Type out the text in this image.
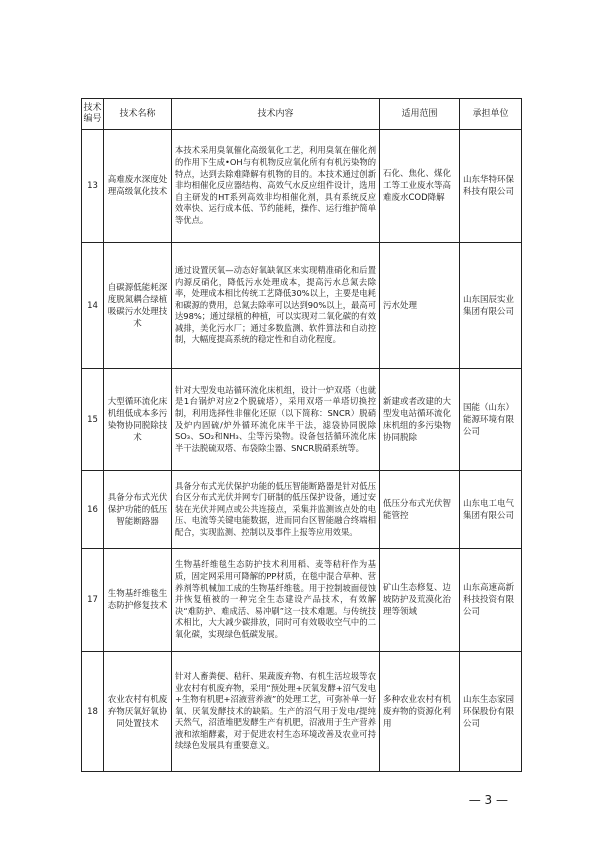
技术编号	技术名称	技术内容	适用范围	承担单位
13	高难废水深度处理高级氧化技术	本技术采用臭氧催化高级氧化工艺，利用臭氧在催化剂的作用下生成•OH与有机物反应氧化所有有机污染物的特点，达到去除难降解有机物的目的。本技术通过创新非均相催化反应器结构、高效气水反应组件设计，选用自主研发的HT系列高效非均相催化剂，具有系统反应效率快、运行成本低、节约能耗，操作、运行维护简单等优点。	石化、焦化、煤化工等工业废水等高难废水COD降解	山东华特环保科技有限公司
14	自碳源低能耗深度脱氮耦合绿植吸碳污水处理技术	通过设置厌氧—动态好氧缺氧区来实现精准硝化和后置内源反硝化，降低污水处理成本，提高污水总氮去除率，处理成本相比传统工艺降低30%以上，主要是电耗和碳源的费用，总氮去除率可以达到90%以上，最高可达98%；通过绿植的种植，可以实现对二氧化碳的有效减排，美化污水厂；通过多数监测、软件算法和自动控制，大幅度提高系统的稳定性和自动化程度。	污水处理	山东国辰实业集团有限公司
15	大型循环流化床机组低成本多污染物协同脱除技术	针对大型发电站循环流化床机组，设计一炉双塔（也就是1台锅炉对应2个脱硫塔），采用双塔一单塔切换控制，利用选择性非催化还原（以下简称：SNCR）脱硝及炉内固硫/炉外循环流化床半干法，滤袋协同脱除SO₃、SO₂和NH₃、尘等污染物。设备包括循环流化床半干法脱硫双塔、布袋除尘器、SNCR脱硝系统等。	新建或者改建的大型发电站循环流化床机组的多污染物协同脱除	国能（山东）能源环境有限公司
16	具备分布式光伏保护功能的低压智能断路器	具备分布式光伏保护功能的低压智能断路器是针对低压台区分布式光伏并网专门研制的低压保护设备，通过安装在光伏并网点或公共连接点，采集并监测该点处的电压、电流等关键电能数据，进而同台区智能融合终端相配合，实现监测、控制以及事件上报等应用效果。	低压分布式光伏智能管控	山东电工电气集团有限公司
17	生物基纤维毯生态防护修复技术	生物基纤维毯生态防护技术利用稻、麦等秸秆作为基质，固定网采用可降解的PP材质，在毯中混合草种、营养剂等机械加工成的生物基纤维毯。用于控制坡面侵蚀并恢复植被的一种完全生态建设产品技术，有效解决“难防护、难成活、易冲刷”这一技术难题。与传统技术相比，大大减少碳排放，同时可有效吸收空气中的二氧化碳，实现绿色低碳发展。	矿山生态修复、边坡防护及荒漠化治理等领域	山东高速高新科技投资有限公司
18	农业农村有机废弃物厌氧好氧协同处置技术	针对人畜粪便、秸秆、果蔬废弃物、有机生活垃圾等农业农村有机废弃物，采用“预处理+厌氧发酵+沼气发电+生物有机肥+沼液营养液”的处理工艺，可弥补单一好氧、厌氧发酵技术的缺陷。生产的沼气用于发电/提纯天然气，沼渣堆肥发酵生产有机肥，沼液用于生产营养液和浓缩酵素，对于促进农村生态环境改善及农业可持续绿色发展具有重要意义。	多种农业农村有机废弃物的资源化利用	山东生态家园环保股份有限公司
— 3 —
